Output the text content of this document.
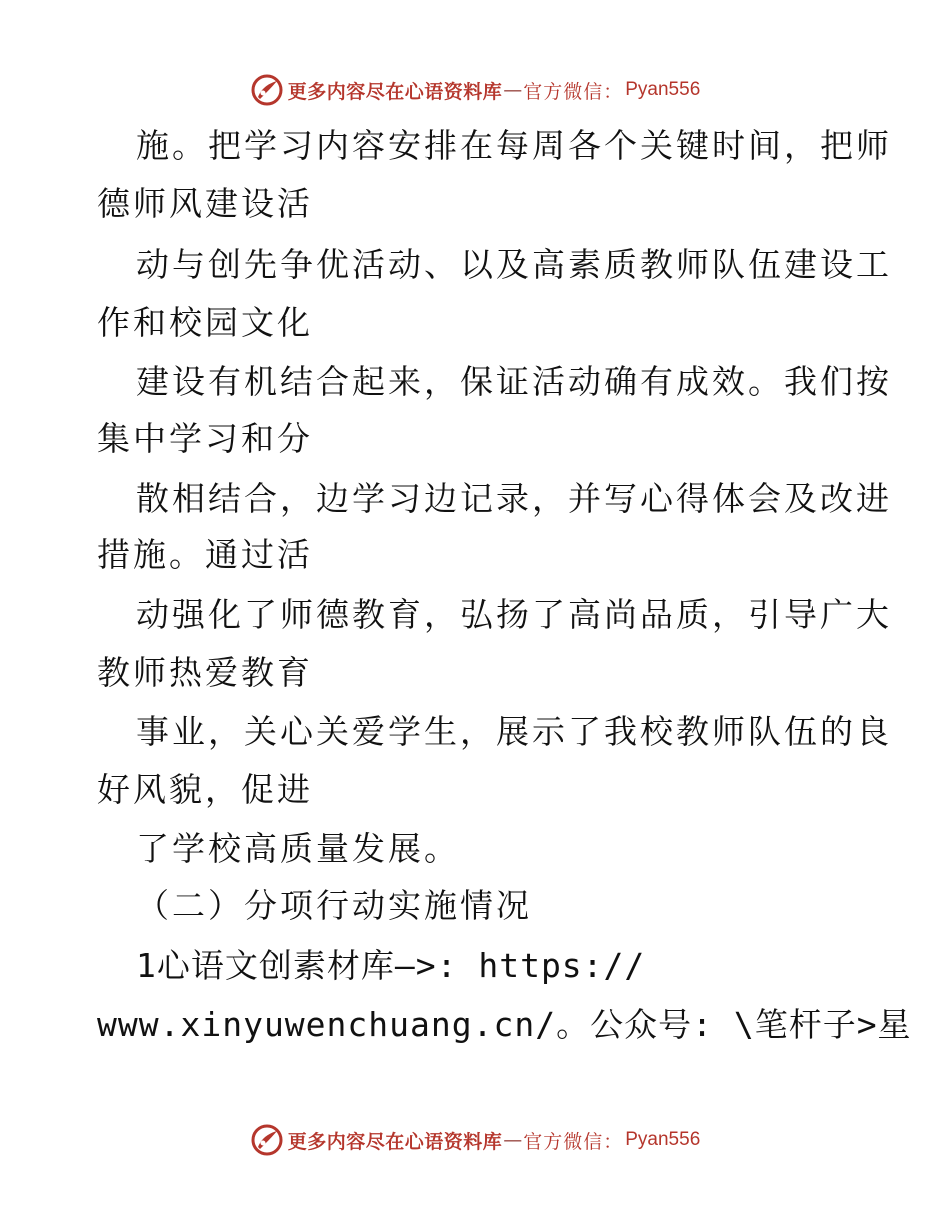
更多内容尽在心语资料库 — 官方微信： Pyan556
施。把学习内容安排在每周各个关键时间，把师
德师风建设活
动与创先争优活动、以及高素质教师队伍建设工
作和校园文化
建设有机结合起来，保证活动确有成效。我们按
集中学习和分
散相结合，边学习边记录，并写心得体会及改进
措施。通过活
动强化了师德教育，弘扬了高尚品质，引导广大
教师热爱教育
事业，关心关爱学生，展示了我校教师队伍的良
好风貌，促进
了学校高质量发展。
（二）分项行动实施情况
1心语文创素材库—>: https://
www.xinyuwenchuang.cn/。公众号: \笔杆子>星
更多内容尽在心语资料库 — 官方微信： Pyan556
